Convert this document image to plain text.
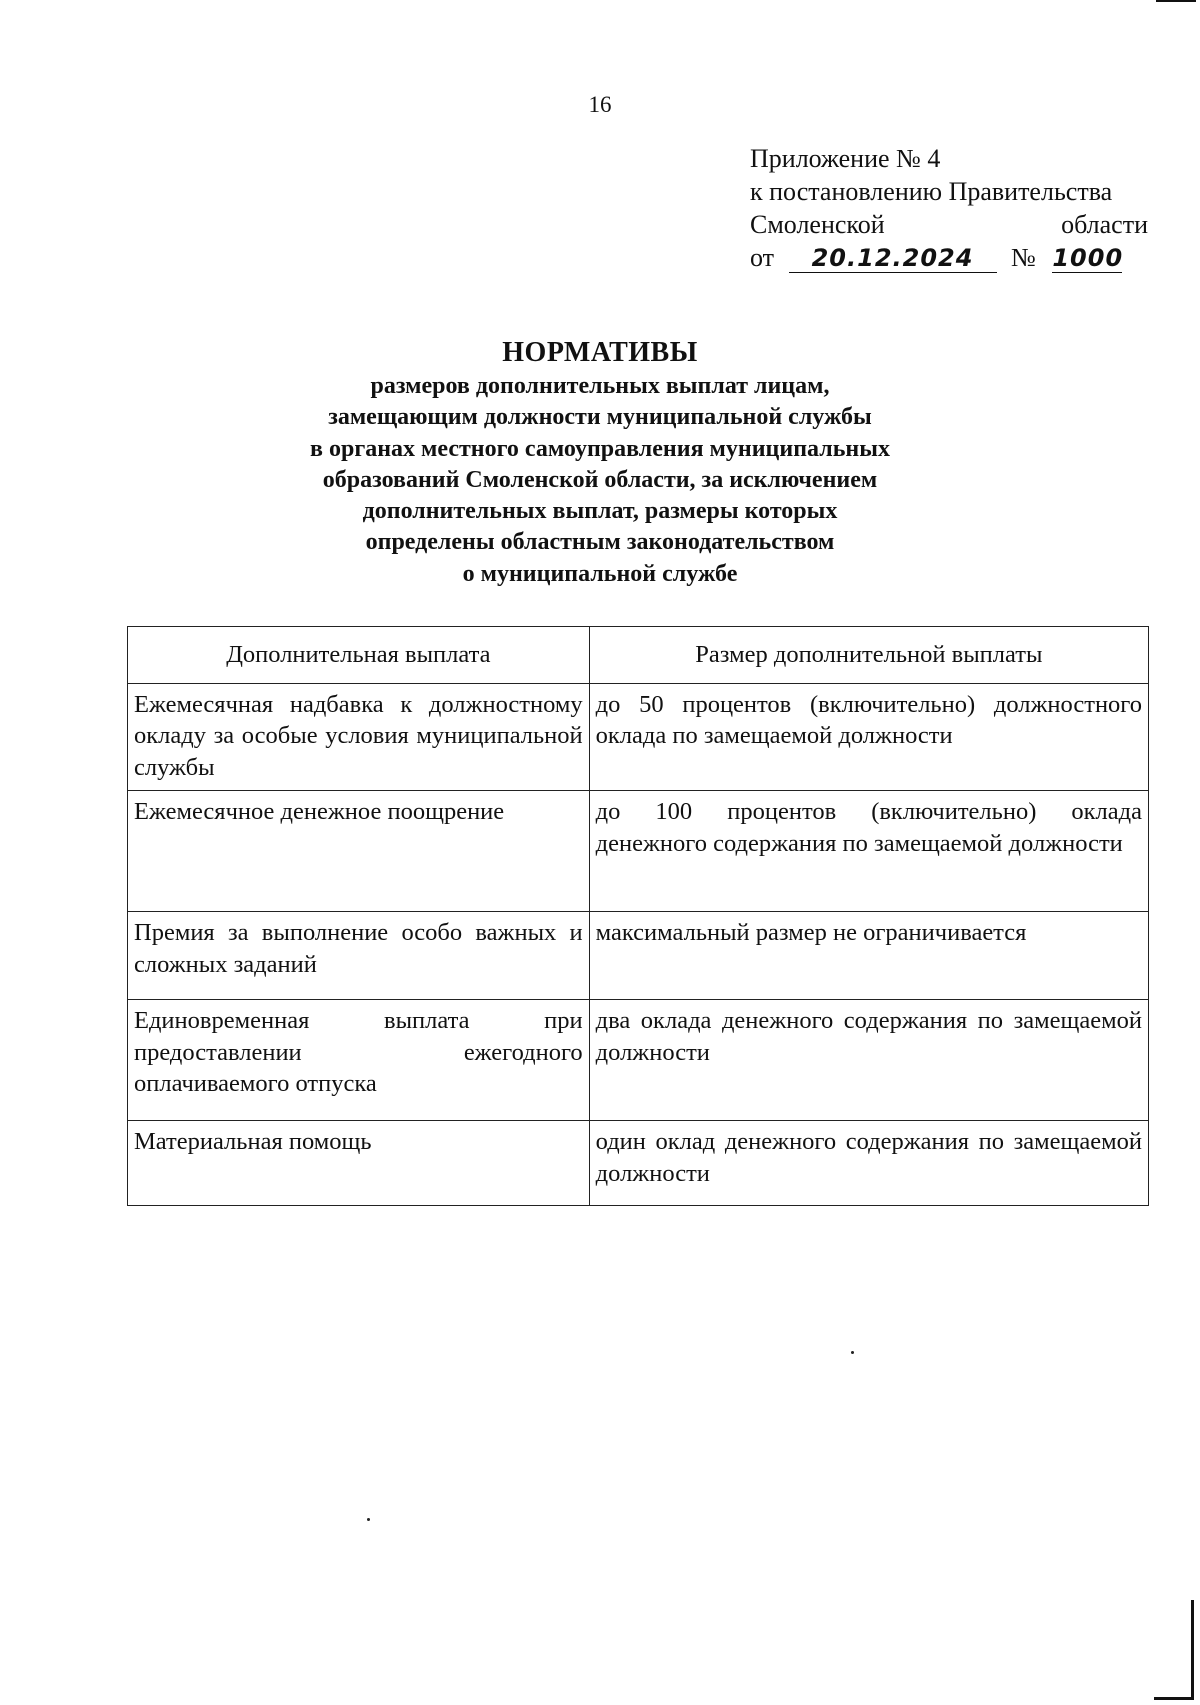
16
Приложение № 4
к постановлению Правительства
Смоленской	области
от 20.12.2024 № 1000
НОРМАТИВЫ
размеров дополнительных выплат лицам,
замещающим должности муниципальной службы
в органах местного самоуправления муниципальных
образований Смоленской области, за исключением
дополнительных выплат, размеры которых
определены областным законодательством
о муниципальной службе
Дополнительная выплата	Размер дополнительной выплаты
Ежемесячная надбавка к должностному окладу за особые условия муниципальной службы	до 50 процентов (включительно) должностного оклада по замещаемой должности
Ежемесячное денежное поощрение	до 100 процентов (включительно) оклада денежного содержания по замещаемой должности
Премия за выполнение особо важных и сложных заданий	максимальный размер не ограничивается
Единовременная выплата при предоставлении ежегодного оплачиваемого отпуска	два оклада денежного содержания по замещаемой должности
Материальная помощь	один оклад денежного содержания по замещаемой должности
